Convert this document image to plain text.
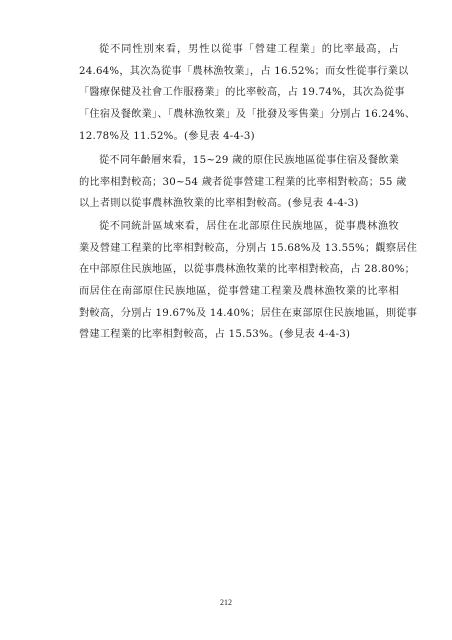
從不同性別來看，男性以從事「營建工程業」的比率最高，占
24.64%，其次為從事「農林漁牧業」，占 16.52%；而女性從事行業以
「醫療保健及社會工作服務業」的比率較高，占 19.74%，其次為從事
「住宿及餐飲業」、「農林漁牧業」及「批發及零售業」分別占 16.24%、
12.78%及 11.52%。(參見表 4-4-3)

從不同年齡層來看，15~29 歲的原住民族地區從事住宿及餐飲業
的比率相對較高；30~54 歲者從事營建工程業的比率相對較高；55 歲
以上者則以從事農林漁牧業的比率相對較高。(參見表 4-4-3)

從不同統計區域來看，居住在北部原住民族地區，從事農林漁牧
業及營建工程業的比率相對較高，分別占 15.68%及 13.55%；觀察居住
在中部原住民族地區，以從事農林漁牧業的比率相對較高，占 28.80%；
而居住在南部原住民族地區，從事營建工程業及農林漁牧業的比率相
對較高，分別占 19.67%及 14.40%；居住在東部原住民族地區，則從事
營建工程業的比率相對較高，占 15.53%。(參見表 4-4-3)

212
